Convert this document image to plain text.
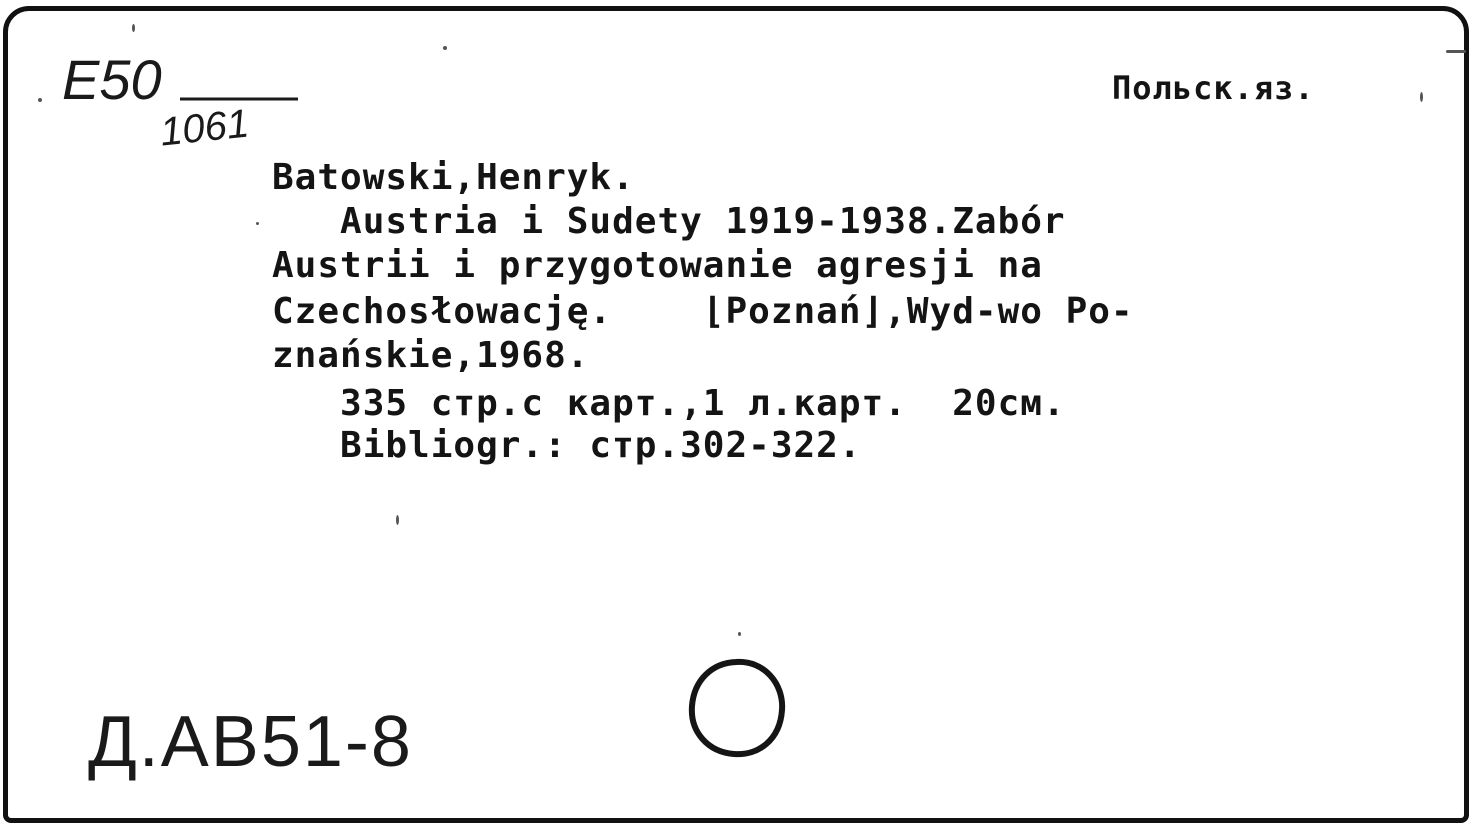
E50
1061
Польск.яз.
Batowski,Henryk.
Austria i Sudety 1919-1938.Zabór
Austrii i przygotowanie agresji na
Czechosłowację.    ⌊Poznań⌋,Wyd-wo Po-
znańskie,1968.
335 стр.с карт.,1 л.карт.  20см.
Bibliogr.: стр.302-322.
Д.АВ51-8
